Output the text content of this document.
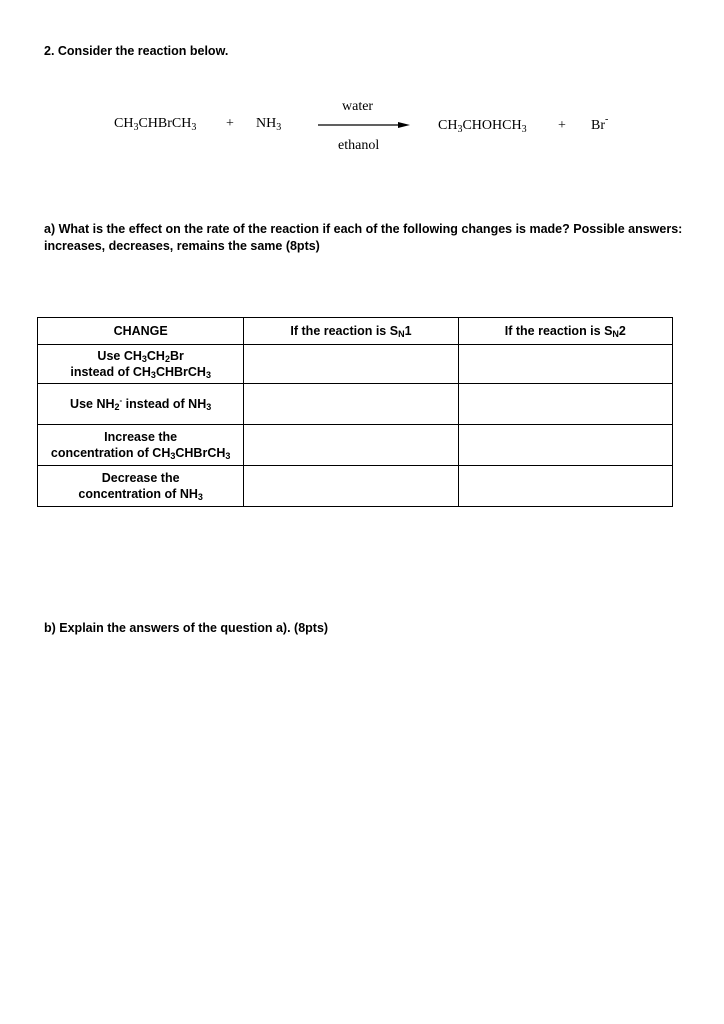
2. Consider the reaction below.
$CH_3CHBrCH_3 + NH_3$
water
ethanol
$CH_3CHOHCH_3 + Br^-$
a) What is the effect on the rate of the reaction if each of the following changes is made? Possible answers: increases, decreases, remains the same (8pts)
CHANGE	If the reaction is $S_N1$	If the reaction is $S_N2$

Use $CH_3CH_2Br$
instead of $CH_3CHBrCH_3$

Use $NH_2^-$ instead of $NH_3$		

Increase the
concentration of $CH_3CHBrCH_3$

Decrease the
concentration of $NH_3$

b) Explain the answers of the question a). (8pts)
